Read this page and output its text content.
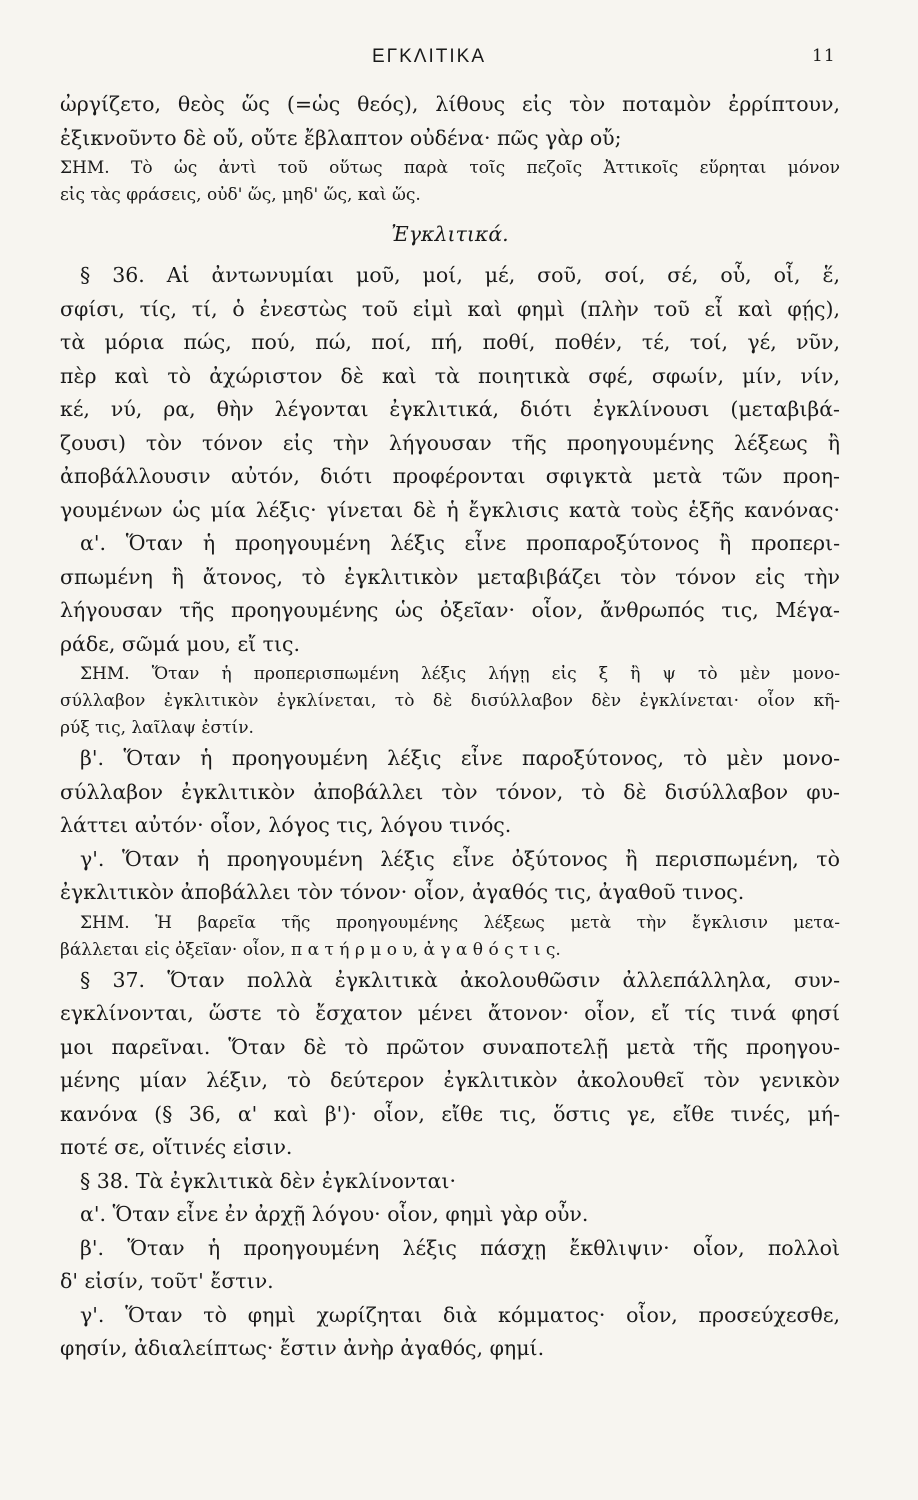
ΕΓΚΛΙΤΙΚΑ	11
ὠργίζετο, θεὸς ὥς (=ὡς θεός), λίθους εἰς τὸν ποταμὸν ἐρρίπτουν,
ἐξικνοῦντο δὲ οὔ, οὔτε ἔβλαπτον οὐδένα· πῶς γὰρ οὔ;
ΣΗΜ. Τὸ ὡς ἀντὶ τοῦ οὕτως παρὰ τοῖς πεζοῖς Ἀττικοῖς εὕρηται μόνον
εἰς τὰς φράσεις, οὐδ' ὥς, μηδ' ὥς, καὶ ὥς.
Ἐγκλιτικά.
§ 36. Αἱ ἀντωνυμίαι μοῦ, μοί, μέ, σοῦ, σοί, σέ, οὗ, οἷ, ἕ,
σφίσι, τίς, τί, ὁ ἐνεστὼς τοῦ εἰμὶ καὶ φημὶ (πλὴν τοῦ εἶ καὶ φῄς),
τὰ μόρια πώς, πού, πώ, ποί, πή, ποθί, ποθέν, τέ, τοί, γέ, νῦν,
πὲρ καὶ τὸ ἀχώριστον δὲ καὶ τὰ ποιητικὰ σφέ, σφωίν, μίν, νίν,
κέ, νύ, ρα, θὴν λέγονται ἐγκλιτικά, διότι ἐγκλίνουσι (μεταβιβά-
ζουσι) τὸν τόνον εἰς τὴν λήγουσαν τῆς προηγουμένης λέξεως ἢ
ἀποβάλλουσιν αὐτόν, διότι προφέρονται σφιγκτὰ μετὰ τῶν προη-
γουμένων ὡς μία λέξις· γίνεται δὲ ἡ ἔγκλισις κατὰ τοὺς ἑξῆς κανόνας·
α'. Ὅταν ἡ προηγουμένη λέξις εἶνε προπαροξύτονος ἢ προπερι-
σπωμένη ἢ ἄτονος, τὸ ἐγκλιτικὸν μεταβιβάζει τὸν τόνον εἰς τὴν
λήγουσαν τῆς προηγουμένης ὡς ὀξεῖαν· οἷον, ἄνθρωπός τις, Μέγα-
ράδε, σῶμά μου, εἴ τις.
ΣΗΜ. Ὅταν ἡ προπερισπωμένη λέξις λήγῃ εἰς ξ ἢ ψ τὸ μὲν μονο-
σύλλαβον ἐγκλιτικὸν ἐγκλίνεται, τὸ δὲ δισύλλαβον δὲν ἐγκλίνεται· οἷον κῆ-
ρύξ τις, λαῖλαψ ἐστίν.
β'. Ὅταν ἡ προηγουμένη λέξις εἶνε παροξύτονος, τὸ μὲν μονο-
σύλλαβον ἐγκλιτικὸν ἀποβάλλει τὸν τόνον, τὸ δὲ δισύλλαβον φυ-
λάττει αὐτόν· οἷον, λόγος τις, λόγου τινός.
γ'. Ὅταν ἡ προηγουμένη λέξις εἶνε ὀξύτονος ἢ περισπωμένη, τὸ
ἐγκλιτικὸν ἀποβάλλει τὸν τόνον· οἷον, ἀγαθός τις, ἀγαθοῦ τινος.
ΣΗΜ. Ἡ βαρεῖα τῆς προηγουμένης λέξεως μετὰ τὴν ἔγκλισιν μετα-
βάλλεται εἰς ὀξεῖαν· οἷον, π α τ ή ρ μ ο υ, ἀ γ α θ ό ς τ ι ς.
§ 37. Ὅταν πολλὰ ἐγκλιτικὰ ἀκολουθῶσιν ἀλλεπάλληλα, συν-
εγκλίνονται, ὥστε τὸ ἔσχατον μένει ἄτονον· οἷον, εἴ τίς τινά φησί
μοι παρεῖναι. Ὅταν δὲ τὸ πρῶτον συναποτελῇ μετὰ τῆς προηγου-
μένης μίαν λέξιν, τὸ δεύτερον ἐγκλιτικὸν ἀκολουθεῖ τὸν γενικὸν
κανόνα (§ 36, α' καὶ β')· οἷον, εἴθε τις, ὅστις γε, εἴθε τινές, μή-
ποτέ σε, οἵτινές εἰσιν.
§ 38. Τὰ ἐγκλιτικὰ δὲν ἐγκλίνονται·
α'. Ὅταν εἶνε ἐν ἀρχῇ λόγου· οἷον, φημὶ γὰρ οὖν.
β'. Ὅταν ἡ προηγουμένη λέξις πάσχῃ ἔκθλιψιν· οἷον, πολλοὶ
δ' εἰσίν, τοῦτ' ἔστιν.
γ'. Ὅταν τὸ φημὶ χωρίζηται διὰ κόμματος· οἷον, προσεύχεσθε,
φησίν, ἀδιαλείπτως· ἔστιν ἀνὴρ ἀγαθός, φημί.
